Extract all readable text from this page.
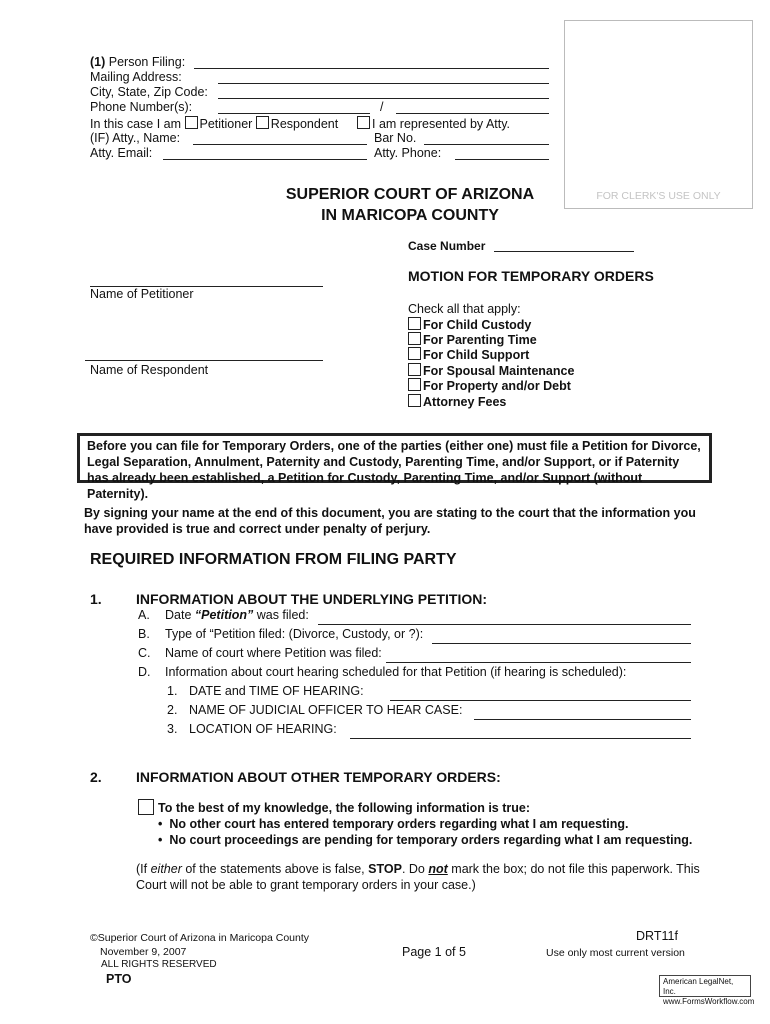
(1) Person Filing:
Mailing Address:
City, State, Zip Code:
Phone Number(s):	/
In this case I am Petitioner Respondent	I am represented by Atty.
(IF) Atty., Name:	Bar No.
Atty. Email:	Atty. Phone:
FOR CLERK'S USE ONLY
SUPERIOR COURT OF ARIZONA
IN MARICOPA COUNTY
Case Number
Name of Petitioner
Name of Respondent
MOTION FOR TEMPORARY ORDERS
Check all that apply:
For Child Custody
For Parenting Time
For Child Support
For Spousal Maintenance
For Property and/or Debt
Attorney Fees
Before you can file for Temporary Orders, one of the parties (either one) must file a Petition for Divorce, Legal Separation, Annulment, Paternity and Custody, Parenting Time, and/or Support, or if Paternity has already been established, a Petition for Custody, Parenting Time, and/or Support (without Paternity).
By signing your name at the end of this document, you are stating to the court that the information you have provided is true and correct under penalty of perjury.
REQUIRED INFORMATION FROM FILING PARTY
1. INFORMATION ABOUT THE UNDERLYING PETITION:
A. Date “Petition” was filed:
B. Type of “Petition filed: (Divorce, Custody, or ?):
C. Name of court where Petition was filed:
D. Information about court hearing scheduled for that Petition (if hearing is scheduled):
1. DATE and TIME OF HEARING:
2. NAME OF JUDICIAL OFFICER TO HEAR CASE:
3. LOCATION OF HEARING:
2. INFORMATION ABOUT OTHER TEMPORARY ORDERS:
To the best of my knowledge, the following information is true:
• No other court has entered temporary orders regarding what I am requesting.
• No court proceedings are pending for temporary orders regarding what I am requesting.
(If either of the statements above is false, STOP. Do not mark the box; do not file this paperwork. This
Court will not be able to grant temporary orders in your case.)
©Superior Court of Arizona in Maricopa County
November 9, 2007
ALL RIGHTS RESERVED
PTO
Page 1 of 5
DRT11f
Use only most current version
American LegalNet, Inc.
www.FormsWorkflow.com
